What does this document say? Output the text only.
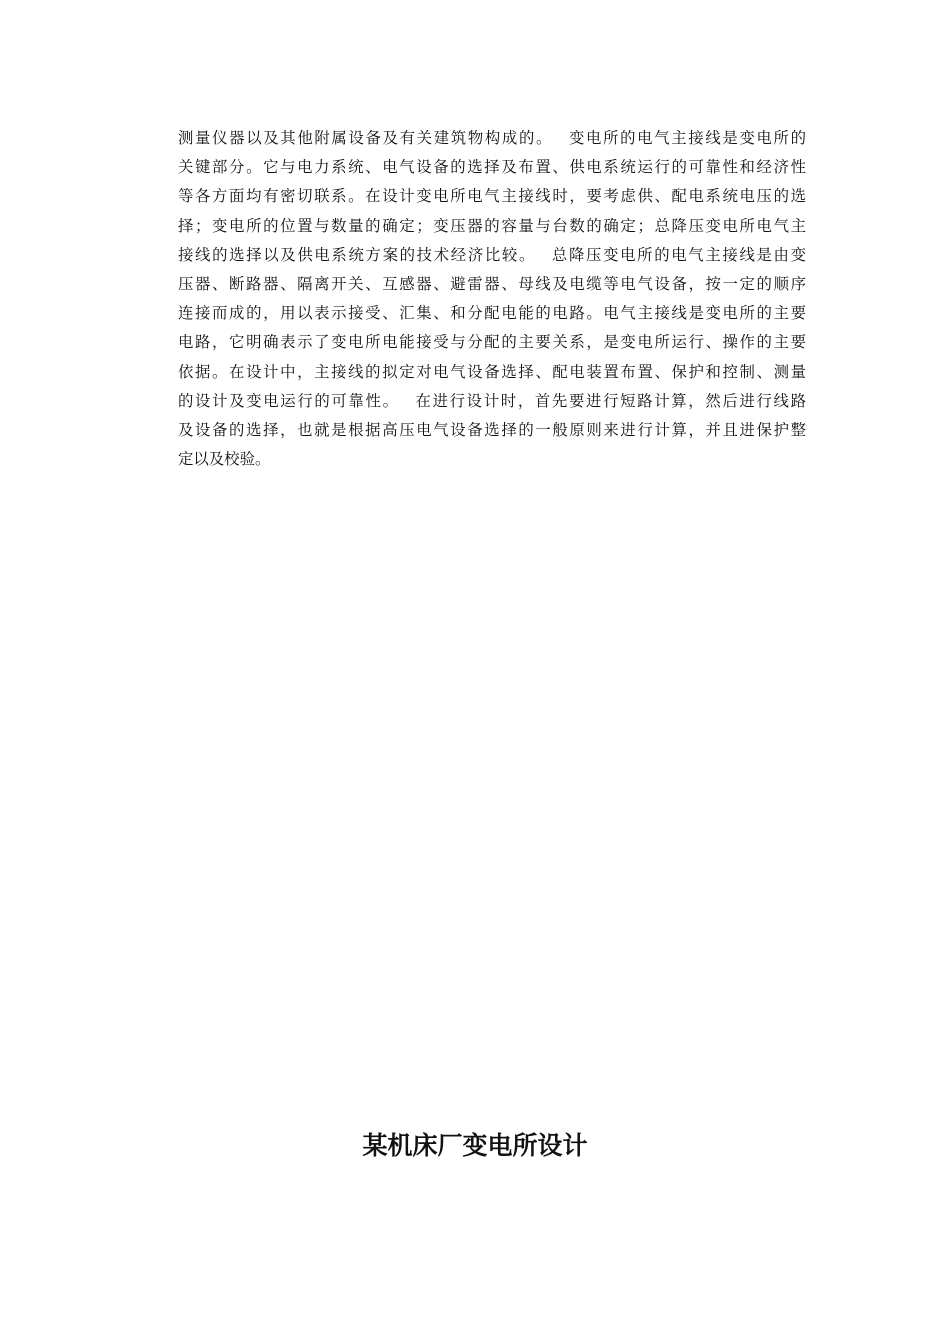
测量仪器以及其他附属设备及有关建筑物构成的。　 变电所的电气主接线是变电所的
关键部分。它与电力系统、电气设备的选择及布置、供电系统运行的可靠性和经济性
等各方面均有密切联系。在设计变电所电气主接线时，要考虑供、配电系统电压的选
择；变电所的位置与数量的确定；变压器的容量与台数的确定；总降压变电所电气主
接线的选择以及供电系统方案的技术经济比较。　 总降压变电所的电气主接线是由变
压器、断路器、隔离开关、互感器、避雷器、母线及电缆等电气设备，按一定的顺序
连接而成的，用以表示接受、汇集、和分配电能的电路。电气主接线是变电所的主要
电路，它明确表示了变电所电能接受与分配的主要关系，是变电所运行、操作的主要
依据。在设计中，主接线的拟定对电气设备选择、配电装置布置、保护和控制、测量
的设计及变电运行的可靠性。　 在进行设计时，首先要进行短路计算，然后进行线路
及设备的选择，也就是根据高压电气设备选择的一般原则来进行计算，并且进保护整
定以及校验。
某机床厂变电所设计
